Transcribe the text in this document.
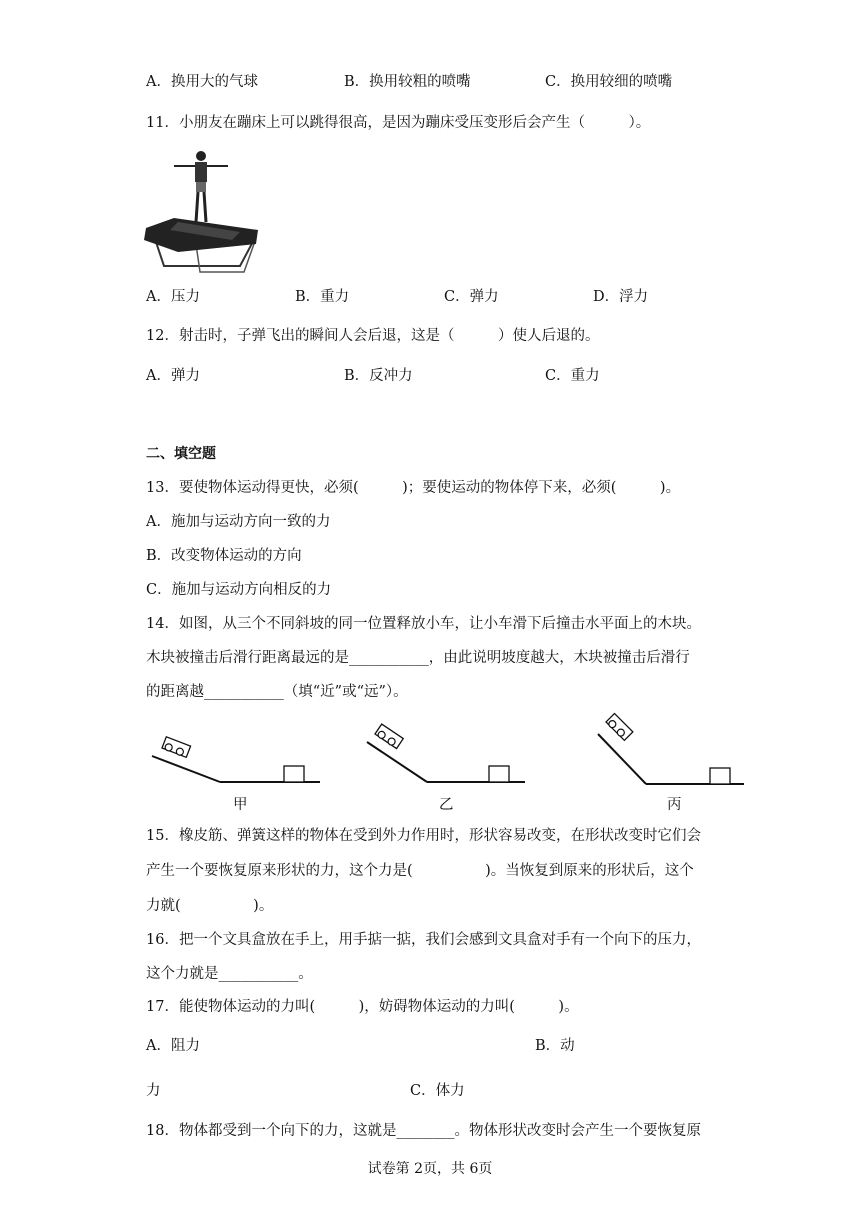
A．换用大的气球	B．换用较粗的喷嘴	C．换用较细的喷嘴
11．小朋友在蹦床上可以跳得很高，是因为蹦床受压变形后会产生（　　　）。
A．压力	B．重力	C．弹力	D．浮力
12．射击时，子弹飞出的瞬间人会后退，这是（　　　）使人后退的。
A．弹力	B．反冲力	C．重力
二、填空题
13．要使物体运动得更快，必须(　　　)；要使运动的物体停下来，必须(　　　)。
A．施加与运动方向一致的力
B．改变物体运动的方向
C．施加与运动方向相反的力
14．如图，从三个不同斜坡的同一位置释放小车，让小车滑下后撞击水平面上的木块。
木块被撞击后滑行距离最远的是___________，由此说明坡度越大，木块被撞击后滑行
的距离越___________（填“近”或“远”）。
甲	乙	丙
15．橡皮筋、弹簧这样的物体在受到外力作用时，形状容易改变，在形状改变时它们会
产生一个要恢复原来形状的力，这个力是(　　　　　)。当恢复到原来的形状后，这个
力就(　　　　　)。
16．把一个文具盒放在手上，用手掂一掂，我们会感到文具盒对手有一个向下的压力，
这个力就是___________。
17．能使物体运动的力叫(　　　)，妨碍物体运动的力叫(　　　)。
A．阻力	B．动
力	C．体力
18．物体都受到一个向下的力，这就是________。物体形状改变时会产生一个要恢复原
试卷第 2页，共 6页
